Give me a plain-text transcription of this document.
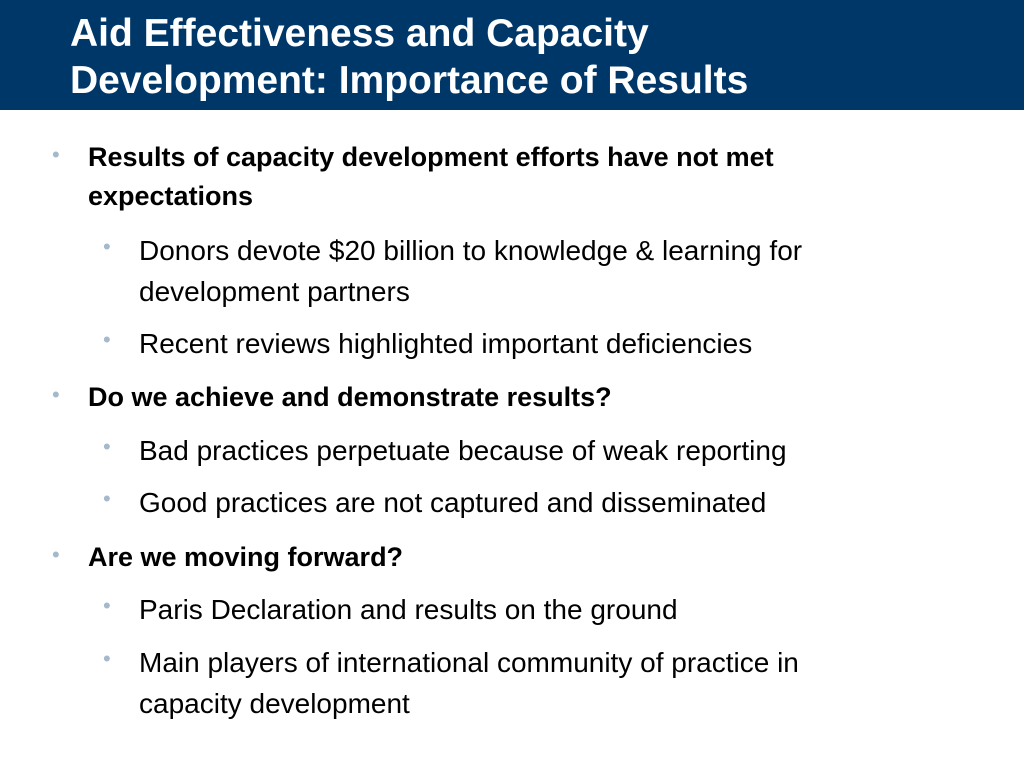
Aid Effectiveness and Capacity
Development: Importance of Results
• Results of capacity development efforts have not met
expectations
• Donors devote $20 billion to knowledge & learning for
development partners
• Recent reviews highlighted important deficiencies
• Do we achieve and demonstrate results?
• Bad practices perpetuate because of weak reporting
• Good practices are not captured and disseminated
• Are we moving forward?
• Paris Declaration and results on the ground
• Main players of international community of practice in
capacity development
